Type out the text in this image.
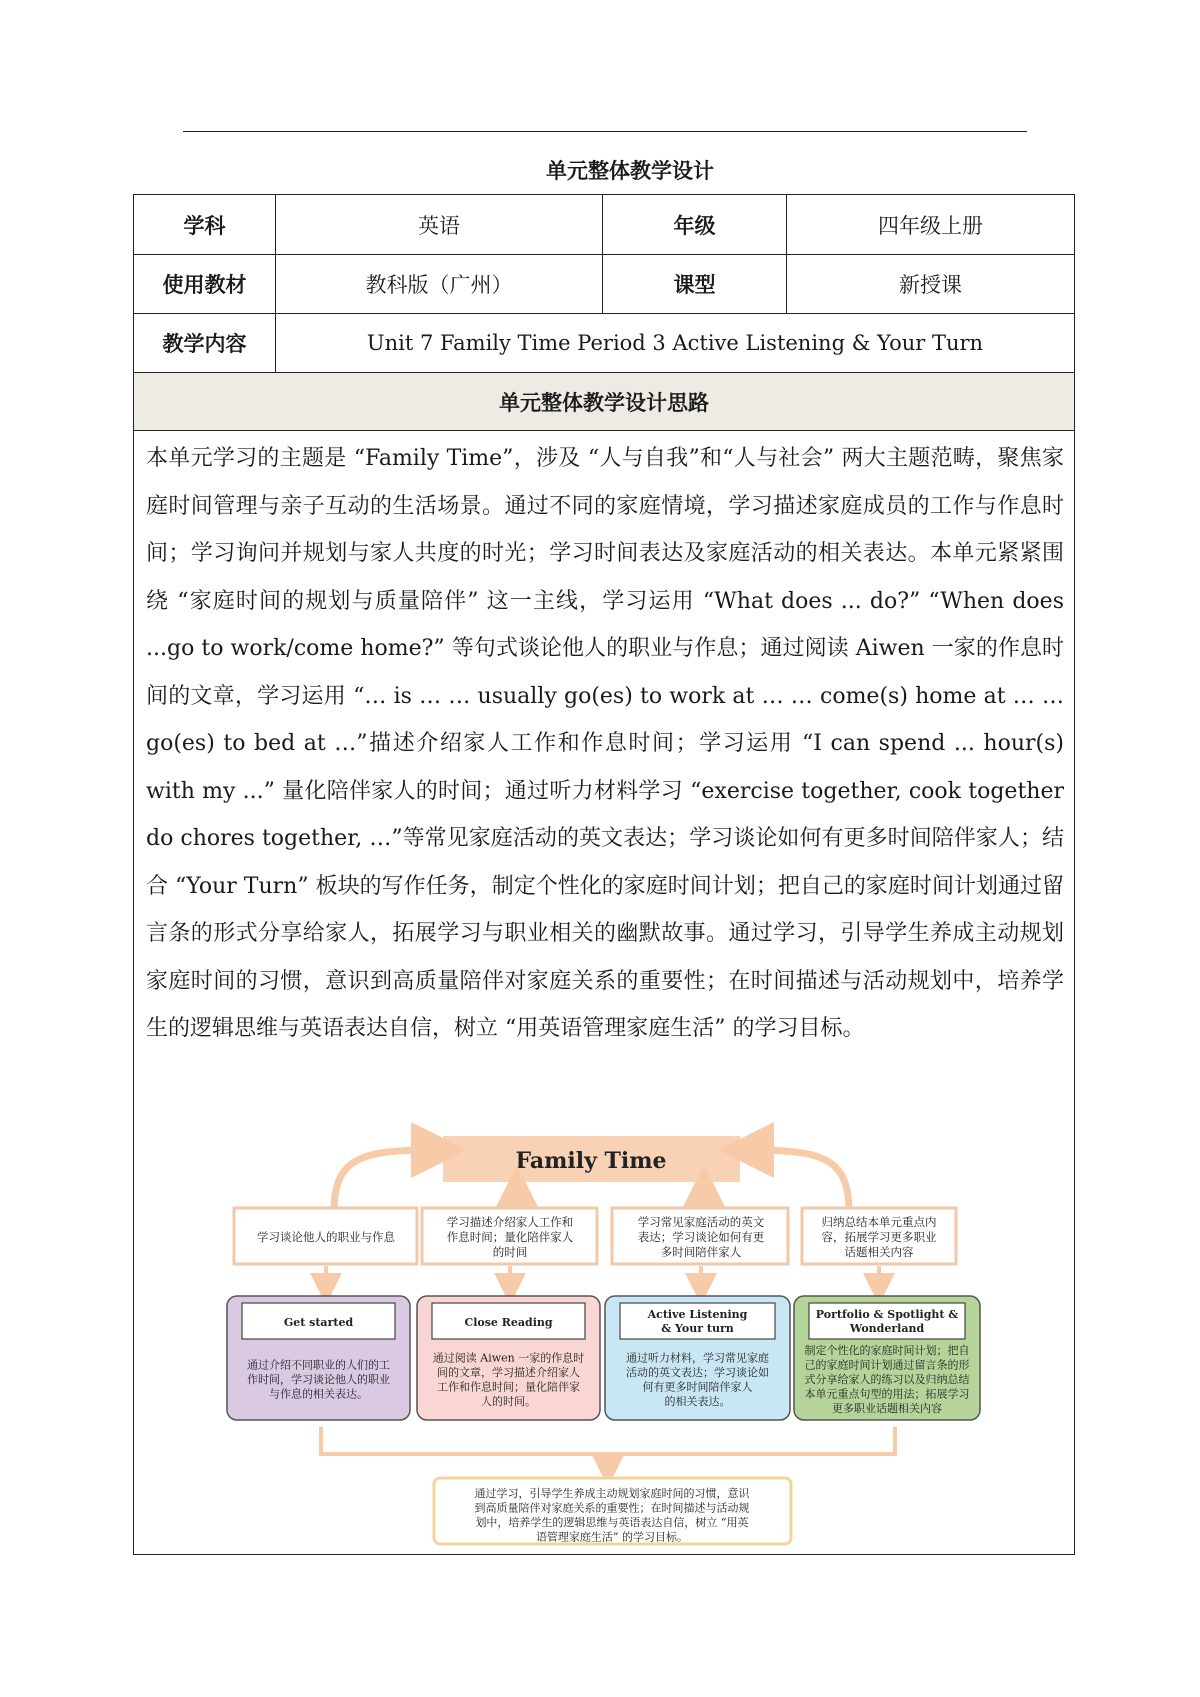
单元整体教学设计
学科	英语	年级	四年级上册
使用教材	教科版（广州）	课型	新授课
教学内容	Unit 7 Family Time Period 3 Active Listening & Your Turn
单元整体教学设计思路
本单元学习的主题是 “Family Time”，涉及 “人与自我”和“人与社会” 两大主题范畴，聚焦家庭时间管理与亲子互动的生活场景。通过不同的家庭情境，学习描述家庭成员的工作与作息时间；学习询问并规划与家人共度的时光；学习时间表达及家庭活动的相关表达。本单元紧紧围绕 “家庭时间的规划与质量陪伴” 这一主线，学习运用 “What does ... do?” “When does ...go to work/come home?” 等句式谈论他人的职业与作息；通过阅读 Aiwen 一家的作息时间的文章，学习运用 “… is … … usually go(es) to work at … … come(s) home at … … go(es) to bed at …”描述介绍家人工作和作息时间；学习运用 “I can spend ... hour(s) with my ...” 量化陪伴家人的时间；通过听力材料学习 “exercise together, cook together do chores together, …”等常见家庭活动的英文表达；学习谈论如何有更多时间陪伴家人；结合 “Your Turn” 板块的写作任务，制定个性化的家庭时间计划；把自己的家庭时间计划通过留言条的形式分享给家人，拓展学习与职业相关的幽默故事。通过学习，引导学生养成主动规划家庭时间的习惯，意识到高质量陪伴对家庭关系的重要性；在时间描述与活动规划中，培养学生的逻辑思维与英语表达自信，树立 “用英语管理家庭生活” 的学习目标。
Family Time
学习谈论他人的职业与作息
学习描述介绍家人工作和
作息时间；量化陪伴家人
的时间
学习常见家庭活动的英文
表达；学习谈论如何有更
多时间陪伴家人
归纳总结本单元重点内
容，拓展学习更多职业
话题相关内容
Get started
通过介绍不同职业的人们的工
作时间，学习谈论他人的职业
与作息的相关表达。
Close Reading
通过阅读 Aiwen 一家的作息时
间的文章，学习描述介绍家人
工作和作息时间；量化陪伴家
人的时间。
Active Listening
& Your turn
通过听力材料，学习常见家庭
活动的英文表达；学习谈论如
何有更多时间陪伴家人
的相关表达。
Portfolio & Spotlight &
Wonderland
制定个性化的家庭时间计划；把自
己的家庭时间计划通过留言条的形
式分享给家人的练习以及归纳总结
本单元重点句型的用法；拓展学习
更多职业话题相关内容
通过学习，引导学生养成主动规划家庭时间的习惯，意识
到高质量陪伴对家庭关系的重要性；在时间描述与活动规
划中，培养学生的逻辑思维与英语表达自信，树立 “用英
语管理家庭生活” 的学习目标。
